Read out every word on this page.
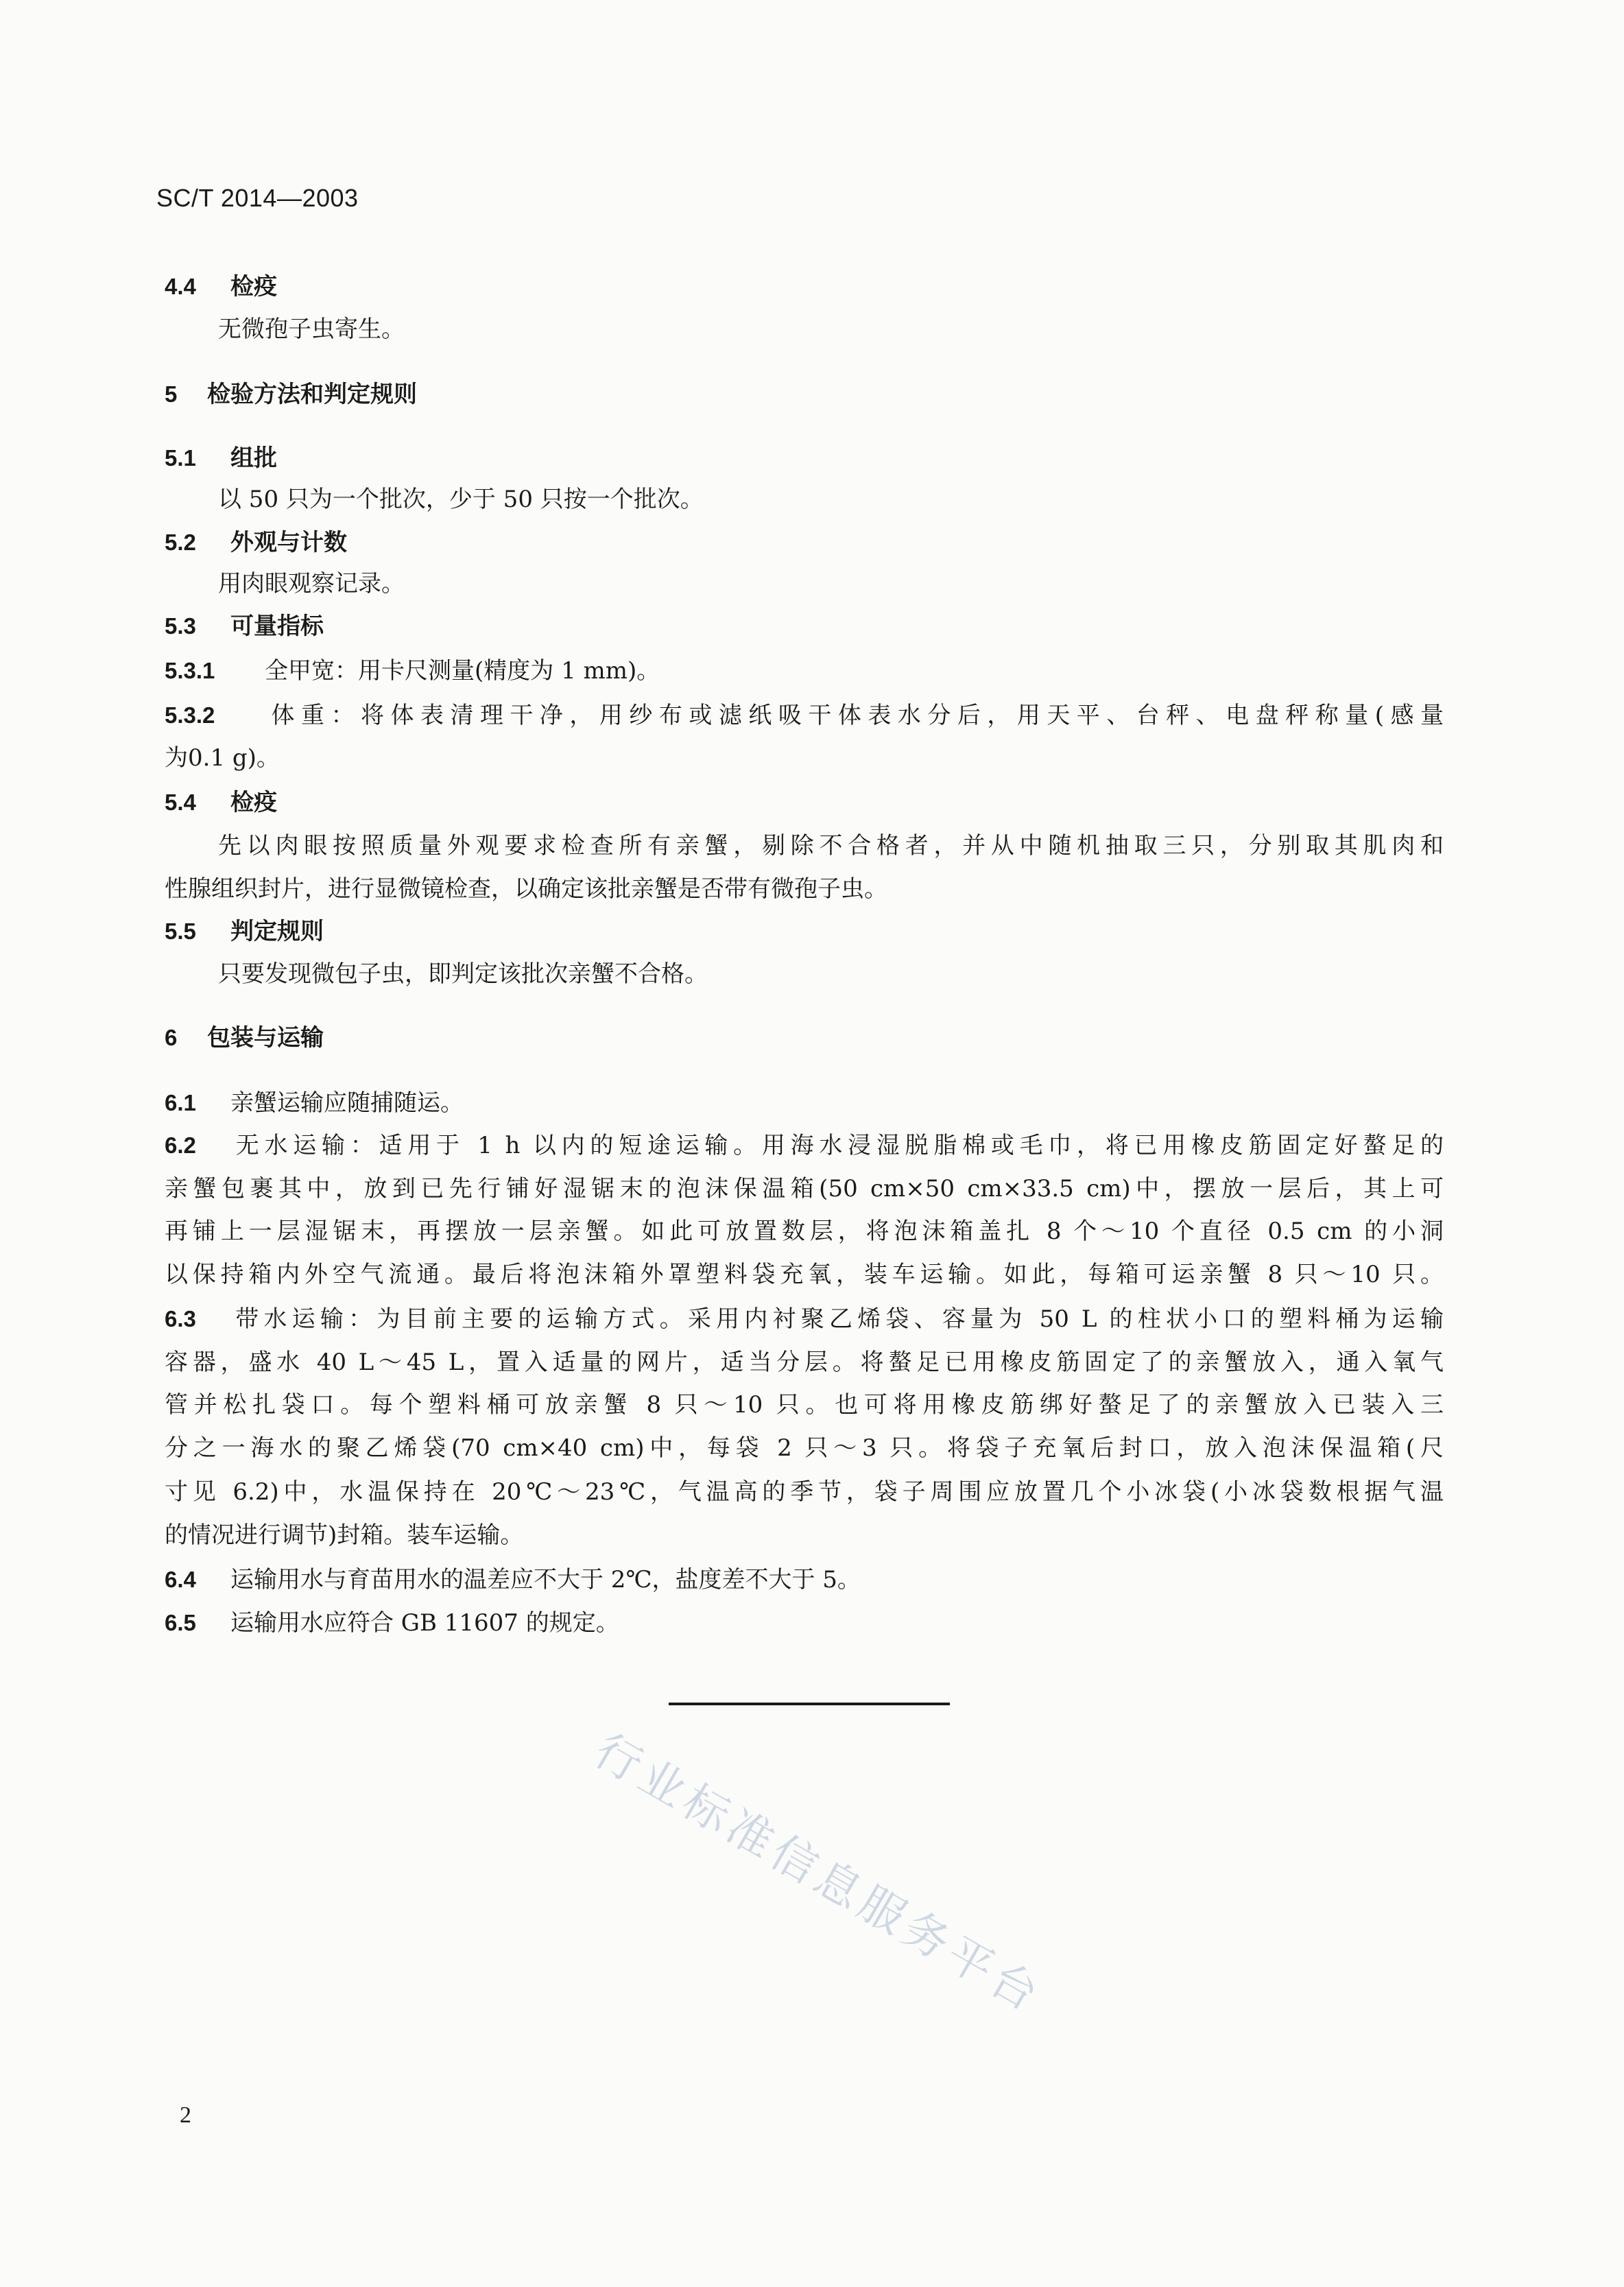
SC/T 2014—2003
4.4 检疫
无微孢子虫寄生。
5 检验方法和判定规则
5.1 组批
以 50 只为一个批次，少于 50 只按一个批次。
5.2 外观与计数
用肉眼观察记录。
5.3 可量指标
5.3.1 全甲宽：用卡尺测量(精度为 1 mm)。
5.3.2 体重：将体表清理干净，用纱布或滤纸吸干体表水分后，用天平、台秤、电盘秤称量(感量
为0.1 g)。
5.4 检疫
先以肉眼按照质量外观要求检查所有亲蟹，剔除不合格者，并从中随机抽取三只，分别取其肌肉和
性腺组织封片，进行显微镜检查，以确定该批亲蟹是否带有微孢子虫。
5.5 判定规则
只要发现微包子虫，即判定该批次亲蟹不合格。
6 包装与运输
6.1 亲蟹运输应随捕随运。
6.2 无水运输：适用于 1 h 以内的短途运输。用海水浸湿脱脂棉或毛巾，将已用橡皮筋固定好螯足的
亲蟹包裹其中，放到已先行铺好湿锯末的泡沫保温箱(50 cm×50 cm×33.5 cm)中，摆放一层后，其上可
再铺上一层湿锯末，再摆放一层亲蟹。如此可放置数层，将泡沫箱盖扎 8 个～10 个直径 0.5 cm 的小洞
以保持箱内外空气流通。最后将泡沫箱外罩塑料袋充氧，装车运输。如此，每箱可运亲蟹 8 只～10 只。
6.3 带水运输：为目前主要的运输方式。采用内衬聚乙烯袋、容量为 50 L 的柱状小口的塑料桶为运输
容器，盛水 40 L～45 L，置入适量的网片，适当分层。将螯足已用橡皮筋固定了的亲蟹放入，通入氧气
管并松扎袋口。每个塑料桶可放亲蟹 8 只～10 只。也可将用橡皮筋绑好螯足了的亲蟹放入已装入三
分之一海水的聚乙烯袋(70 cm×40 cm)中，每袋 2 只～3 只。将袋子充氧后封口，放入泡沫保温箱(尺
寸见 6.2)中，水温保持在 20℃～23℃，气温高的季节，袋子周围应放置几个小冰袋(小冰袋数根据气温
的情况进行调节)封箱。装车运输。
6.4 运输用水与育苗用水的温差应不大于 2℃，盐度差不大于 5。
6.5 运输用水应符合 GB 11607 的规定。
行业标准信息服务平台
2
